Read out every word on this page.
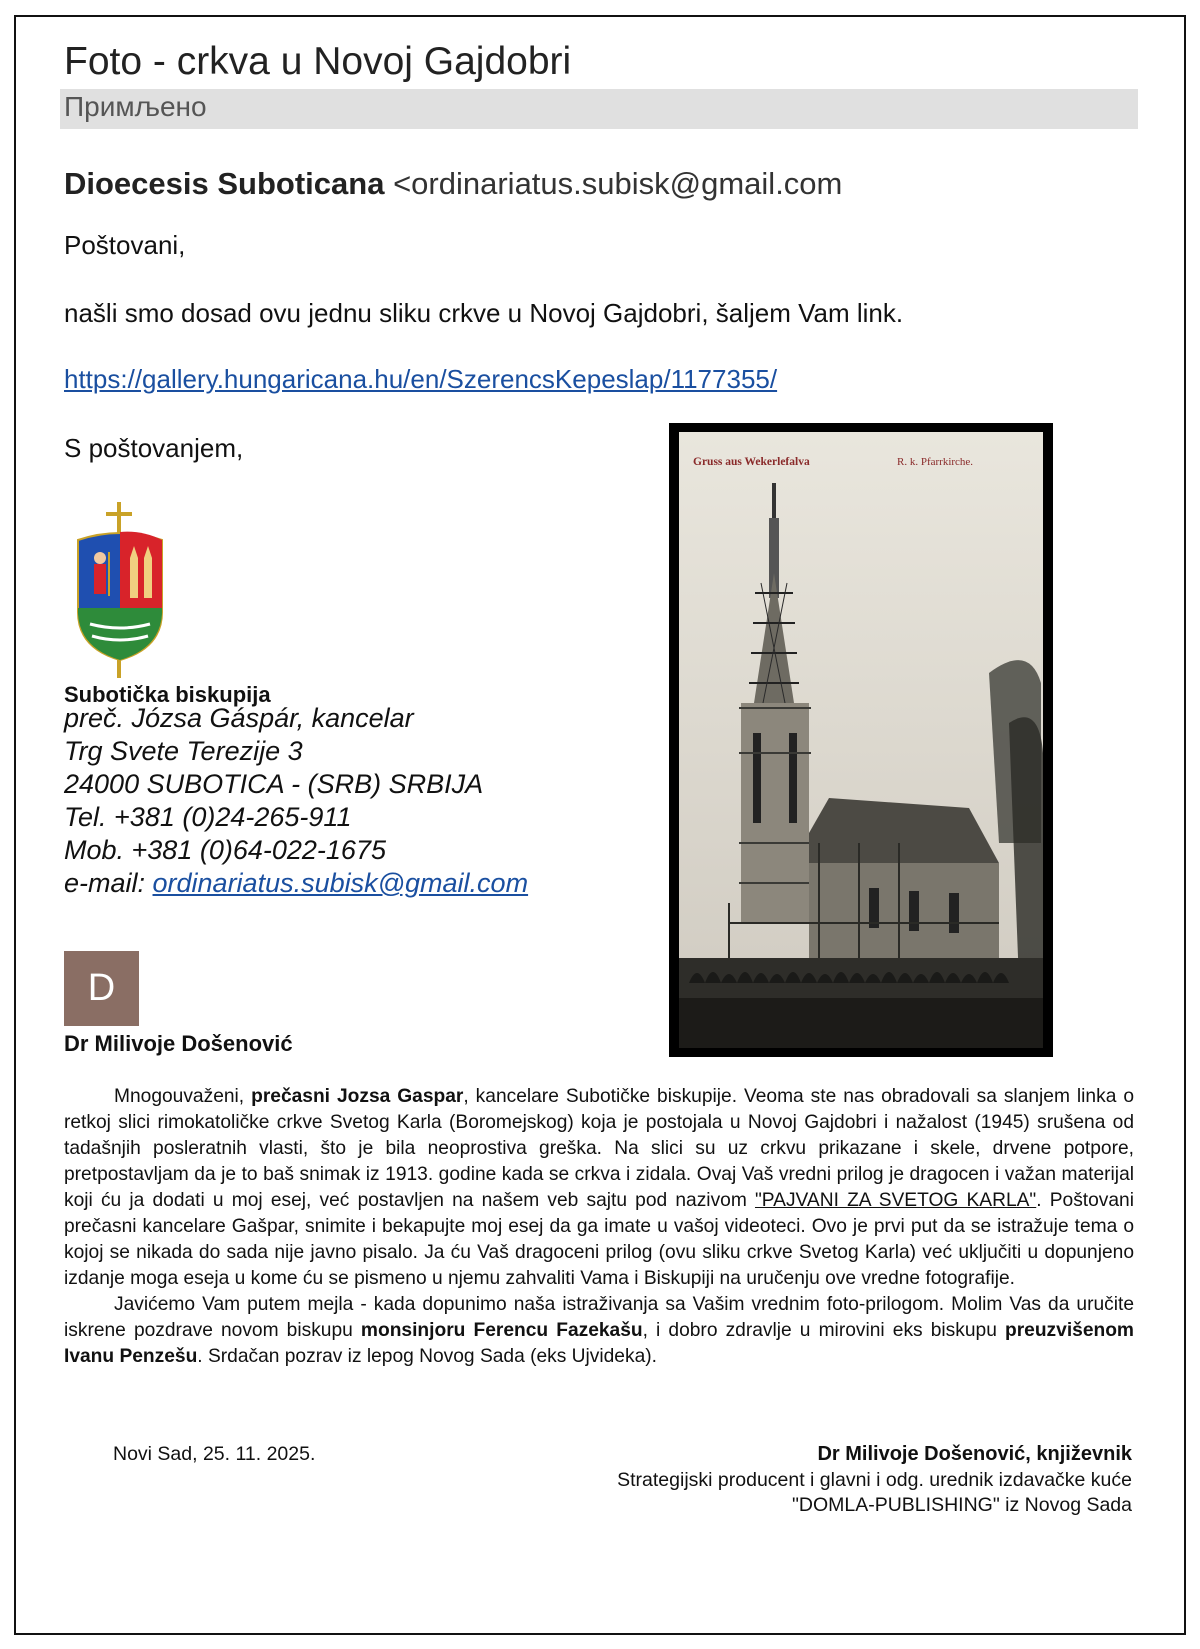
Foto - crkva u Novoj Gajdobri
Примљено
Dioecesis Suboticana <ordinariatus.subisk@gmail.com
Poštovani,
našli smo dosad ovu jednu sliku crkve u Novoj Gajdobri, šaljem Vam link.
https://gallery.hungaricana.hu/en/SzerencsKepeslap/1177355/
S poštovanjem,
Subotička biskupija
preč. Józsa Gáspár, kancelar
Trg Svete Terezije 3
24000 SUBOTICA - (SRB) SRBIJA
Tel. +381 (0)24-265-911
Mob. +381 (0)64-022-1675
e-mail: ordinariatus.subisk@gmail.com
D
Dr Milivoje Došenović
Gruss aus Wekerlefalva	R. k. Pfarrkirche.

Mnogouvaženi, prečasni Jozsa Gaspar, kancelare Subotičke biskupije. Veoma ste nas obradovali sa slanjem linka o retkoj slici rimokatoličke crkve Svetog Karla (Boromejskog) koja je postojala u Novoj Gajdobri i nažalost (1945) srušena od tadašnjih posleratnih vlasti, što je bila neoprostiva greška. Na slici su uz crkvu prikazane i skele, drvene potpore, pretpostavljam da je to baš snimak iz 1913. godine kada se crkva i zidala. Ovaj Vaš vredni prilog je dragocen i važan materijal koji ću ja dodati u moj esej, već postavljen na našem veb sajtu pod nazivom "PAJVANI ZA SVETOG KARLA". Poštovani prečasni kancelare Gašpar, snimite i bekapujte moj esej da ga imate u vašoj videoteci. Ovo je prvi put da se istražuje tema o kojoj se nikada do sada nije javno pisalo. Ja ću Vaš dragoceni prilog (ovu sliku crkve Svetog Karla) već uključiti u dopunjeno izdanje moga eseja u kome ću se pismeno u njemu zahvaliti Vama i Biskupiji na uručenju ove vredne fotografije.

Javićemo Vam putem mejla - kada dopunimo naša istraživanja sa Vašim vrednim foto-prilogom. Molim Vas da uručite iskrene pozdrave novom biskupu monsinjoru Ferencu Fazekašu, i dobro zdravlje u mirovini eks biskupu preuzvišenom Ivanu Penzešu. Srdačan pozrav iz lepog Novog Sada (eks Ujvideka).

Novi Sad, 25. 11. 2025.	Dr Milivoje Došenović, književnik
Strategijski producent i glavni i odg. urednik izdavačke kuće
"DOMLA-PUBLISHING" iz Novog Sada
